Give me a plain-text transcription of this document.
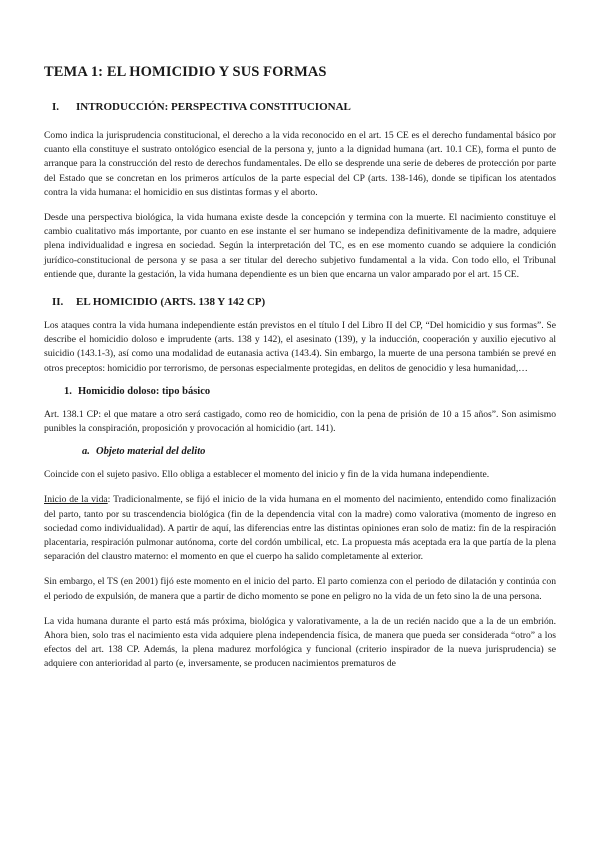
TEMA 1: EL HOMICIDIO Y SUS FORMAS
I.	INTRODUCCIÓN: PERSPECTIVA CONSTITUCIONAL

Como indica la jurisprudencia constitucional, el derecho a la vida reconocido en el art. 15 CE es el derecho fundamental básico por cuanto ella constituye el sustrato ontológico esencial de la persona y, junto a la dignidad humana (art. 10.1 CE), forma el punto de arranque para la construcción del resto de derechos fundamentales. De ello se desprende una serie de deberes de protección por parte del Estado que se concretan en los primeros artículos de la parte especial del CP (arts. 138-146), donde se tipifican los atentados contra la vida humana: el homicidio en sus distintas formas y el aborto.

Desde una perspectiva biológica, la vida humana existe desde la concepción y termina con la muerte. El nacimiento constituye el cambio cualitativo más importante, por cuanto en ese instante el ser humano se independiza definitivamente de la madre, adquiere plena individualidad e ingresa en sociedad. Según la interpretación del TC, es en ese momento cuando se adquiere la condición jurídico-constitucional de persona y se pasa a ser titular del derecho subjetivo fundamental a la vida. Con todo ello, el Tribunal entiende que, durante la gestación, la vida humana dependiente es un bien que encarna un valor amparado por el art. 15 CE.

II.	EL HOMICIDIO (ARTS. 138 Y 142 CP)

Los ataques contra la vida humana independiente están previstos en el título I del Libro II del CP, “Del homicidio y sus formas”. Se describe el homicidio doloso e imprudente (arts. 138 y 142), el asesinato (139), y la inducción, cooperación y auxilio ejecutivo al suicidio (143.1-3), así como una modalidad de eutanasia activa (143.4). Sin embargo, la muerte de una persona también se prevé en otros preceptos: homicidio por terrorismo, de personas especialmente protegidas, en delitos de genocidio y lesa humanidad,…

1. Homicidio doloso: tipo básico

Art. 138.1 CP: el que matare a otro será castigado, como reo de homicidio, con la pena de prisión de 10 a 15 años”. Son asimismo punibles la conspiración, proposición y provocación al homicidio (art. 141).

a. Objeto material del delito

Coincide con el sujeto pasivo. Ello obliga a establecer el momento del inicio y fin de la vida humana independiente.

Inicio de la vida: Tradicionalmente, se fijó el inicio de la vida humana en el momento del nacimiento, entendido como finalización del parto, tanto por su trascendencia biológica (fin de la dependencia vital con la madre) como valorativa (momento de ingreso en sociedad como individualidad). A partir de aquí, las diferencias entre las distintas opiniones eran solo de matiz: fin de la respiración placentaria, respiración pulmonar autónoma, corte del cordón umbilical, etc. La propuesta más aceptada era la que partía de la plena separación del claustro materno: el momento en que el cuerpo ha salido completamente al exterior.

Sin embargo, el TS (en 2001) fijó este momento en el inicio del parto. El parto comienza con el periodo de dilatación y continúa con el periodo de expulsión, de manera que a partir de dicho momento se pone en peligro no la vida de un feto sino la de una persona.

La vida humana durante el parto está más próxima, biológica y valorativamente, a la de un recién nacido que a la de un embrión. Ahora bien, solo tras el nacimiento esta vida adquiere plena independencia física, de manera que pueda ser considerada “otro” a los efectos del art. 138 CP. Además, la plena madurez morfológica y funcional (criterio inspirador de la nueva jurisprudencia) se adquiere con anterioridad al parto (e, inversamente, se producen nacimientos prematuros de
